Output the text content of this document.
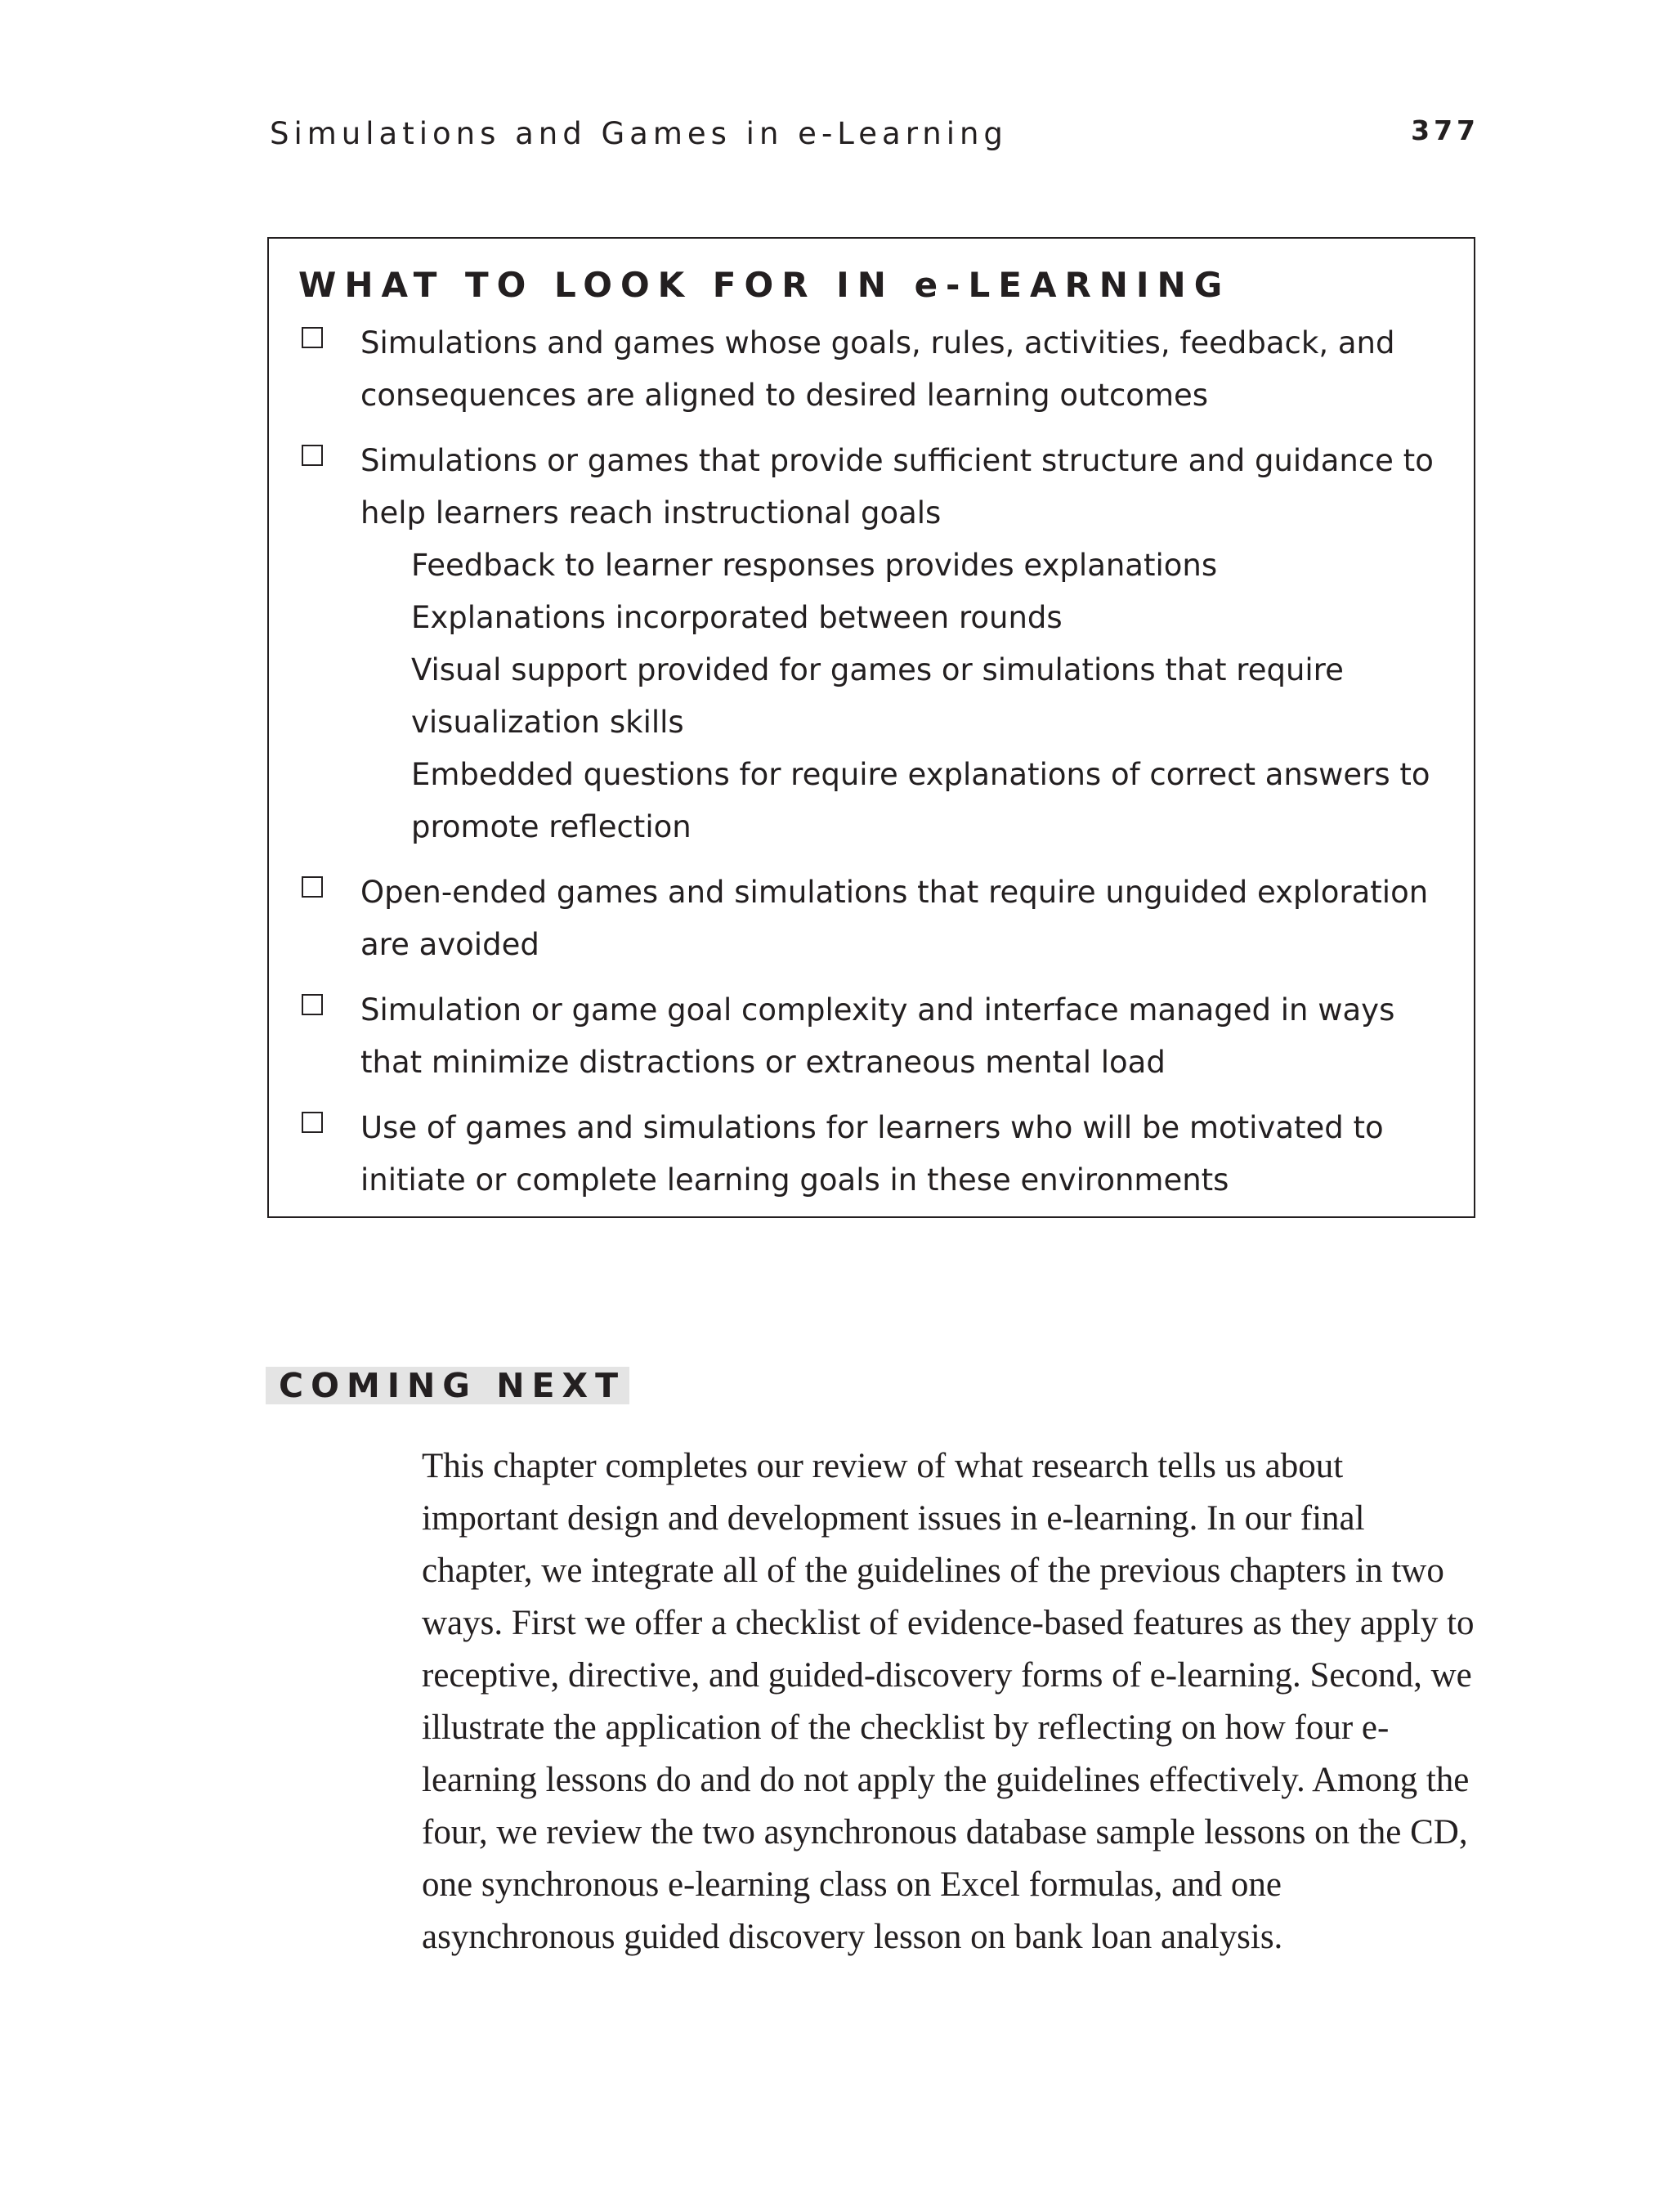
Simulations and Games in e-Learning	377
WHAT TO LOOK FOR IN e-LEARNING
Simulations and games whose goals, rules, activities, feedback, and consequences are aligned to desired learning outcomes
Simulations or games that provide sufficient structure and guidance to help learners reach instructional goals
Feedback to learner responses provides explanations
Explanations incorporated between rounds
Visual support provided for games or simulations that require visualization skills
Embedded questions for require explanations of correct answers to promote reflection
Open-ended games and simulations that require unguided exploration are avoided
Simulation or game goal complexity and interface managed in ways that minimize distractions or extraneous mental load
Use of games and simulations for learners who will be motivated to initiate or complete learning goals in these environments
COMING NEXT

This chapter completes our review of what research tells us about important design and development issues in e-learning. In our final chapter, we integrate all of the guidelines of the previous chapters in two ways. First we offer a checklist of evidence-based features as they apply to receptive, directive, and guided-discovery forms of e-learning. Second, we illustrate the application of the checklist by reflecting on how four e-learning lessons do and do not apply the guidelines effectively. Among the four, we review the two asynchronous database sample lessons on the CD, one synchronous e-learning class on Excel formulas, and one asynchronous guided discovery lesson on bank loan analysis.
